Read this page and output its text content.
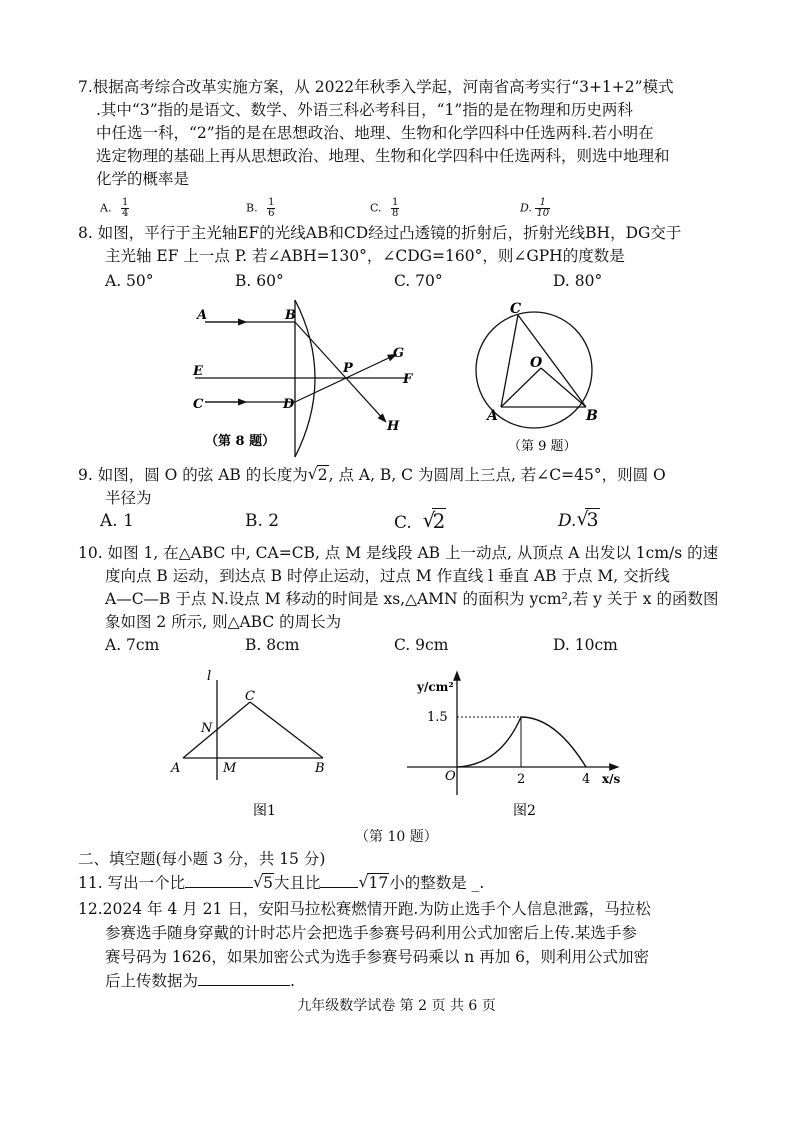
7.根据高考综合改革实施方案，从 2022年秋季入学起，河南省高考实行“3+1+2”模式
.其中“3”指的是语文、数学、外语三科必考科目，“1”指的是在物理和历史两科
中任选一科，“2”指的是在思想政治、地理、生物和化学四科中任选两科.若小明在
选定物理的基础上再从思想政治、地理、生物和化学四科中任选两科，则选中地理和
化学的概率是
A. $\frac{1}{4}$	B. $\frac{1}{6}$	C. $\frac{1}{8}$	D. $\frac{1}{10}$
8. 如图，平行于主光轴EF的光线AB和CD经过凸透镜的折射后，折射光线BH，DG交于
主光轴 EF 上一点 P. 若∠ABH=130°，∠CDG=160°，则∠GPH的度数是
A. 50°	B. 60°	C. 70°	D. 80°
A	B
E
C	D
P
G
F
H
（第 8 题）
C
O
A	B
（第 9 题）
9. 如图，圆 O 的弦 AB 的长度为 √ 2, 点 A, B, C 为圆周上三点, 若∠C=45°，则圆 O
半径为
A. 1	B. 2	C. √ 2	D. √ 3
10. 如图 1, 在△ABC 中, CA=CB, 点 M 是线段 AB 上一动点, 从顶点 A 出发以 1cm/s 的速
度向点 B 运动，到达点 B 时停止运动，过点 M 作直线 l 垂直 AB 于点 M, 交折线
A—C—B 于点 N.设点 M 移动的时间是 xs,△AMN 的面积为 ycm²,若 y 关于 x 的函数图
象如图 2 所示, 则△ABC 的周长为
A. 7cm	B. 8cm	C. 9cm	D. 10cm
l
C
N
A	M	B
图1
y/cm²
x/s
O
1.5
2	4
图2
（第 10 题）
二、填空题(每小题 3 分，共 15 分)
11. 写出一个比	√ 5大且比	√ 17小的整数是 _.
12.2024 年 4 月 21 日，安阳马拉松赛燃情开跑.为防止选手个人信息泄露，马拉松
参赛选手随身穿戴的计时芯片会把选手参赛号码利用公式加密后上传.某选手参
赛号码为 1626，如果加密公式为选手参赛号码乘以 n 再加 6，则利用公式加密
后上传数据为	.
九年级数学试卷 第 2 页 共 6 页
